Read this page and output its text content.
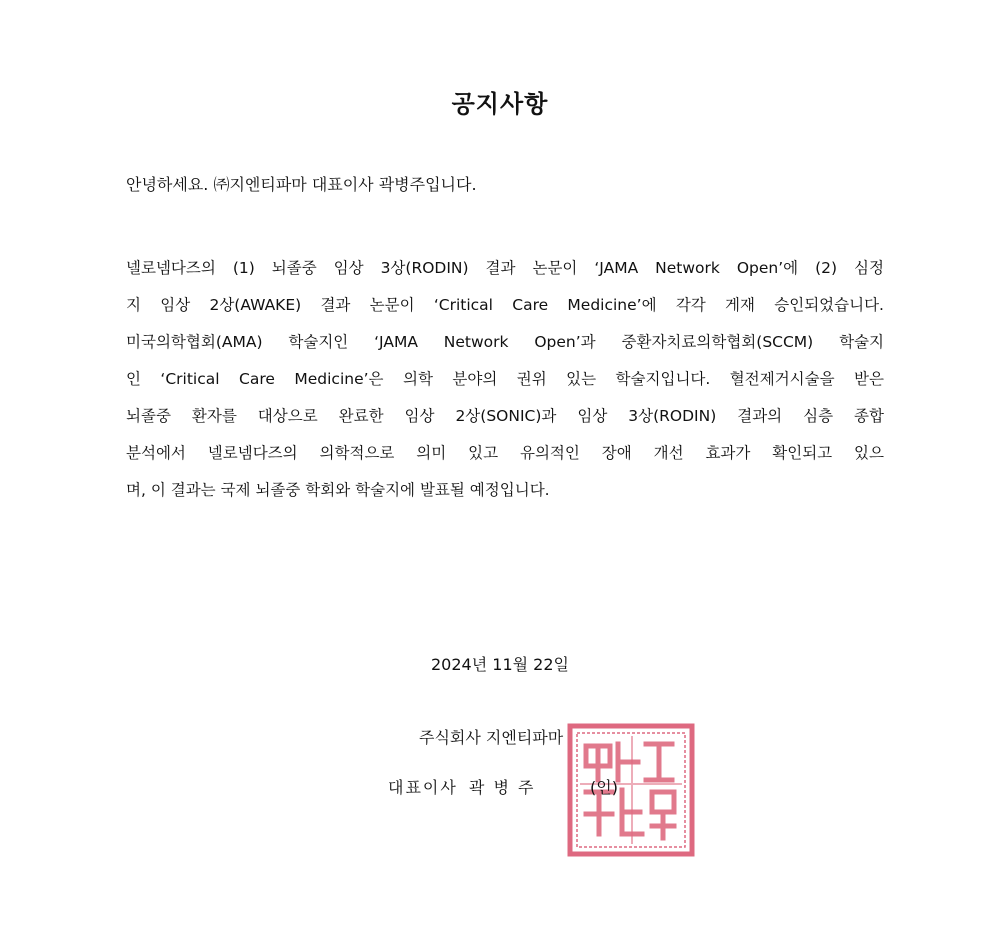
공지사항

안녕하세요. ㈜지엔티파마 대표이사 곽병주입니다.

넬로넴다즈의 (1) 뇌졸중 임상 3상(RODIN) 결과 논문이 ‘JAMA Network Open’에 (2) 심정
지 임상 2상(AWAKE) 결과 논문이 ‘Critical Care Medicine’에 각각 게재 승인되었습니다.
미국의학협회(AMA) 학술지인 ‘JAMA Network Open’과 중환자치료의학협회(SCCM) 학술지
인 ‘Critical Care Medicine’은 의학 분야의 권위 있는 학술지입니다. 혈전제거시술을 받은
뇌졸중 환자를 대상으로 완료한 임상 2상(SONIC)과 임상 3상(RODIN) 결과의 심층 종합
분석에서 넬로넴다즈의 의학적으로 의미 있고 유의적인 장애 개선 효과가 확인되고 있으
며, 이 결과는 국제 뇌졸중 학회와 학술지에 발표될 예정입니다.

2024년 11월 22일

주식회사 지엔티파마

대표이사 곽 병 주	(인)
